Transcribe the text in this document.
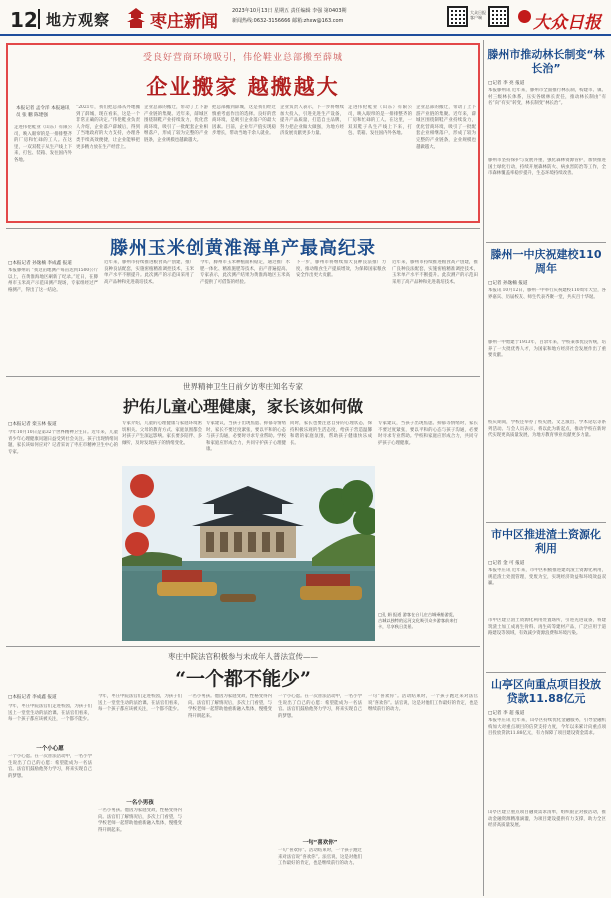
12 地方观察 枣庄新闻
2023年10月13日 星期五 责任编辑 李强 第0403期
新闻热线:0632-3156666 邮箱:zhxw@163.com
大众日报客户端	大众日报
受良好营商环境吸引，伟伦鞋业总部搬至薛城
企业搬家 越搬越大
本报记者 孟令洋 本报通讯员 张 鹏 陈建强
走进伟伦鞋业（山东）有限公司，映入眼帘的是一排排整齐的厂房和忙碌的工人。在这里，一双双鞋子从生产线上下来，打包、装箱、发往国内外各地。
“2021年，我们把总部从外地搬到了薛城，现在看来，这是一个非常正确的决定。”伟伦鞋业负责人介绍，企业落户薛城后，得到了当地政府的大力支持，办理各类手续高效便捷，让企业能够把更多精力放在生产经营上。
企业总部的搬迁，带动了上下游产业链的集聚。近年来，薛城区围绕制鞋产业持续发力，优化营商环境，吸引了一批配套企业相继落户，形成了较为完整的产业链条，企业规模也越做越大。
把总部搬到薛城，这是我们经过慎重考虑作出的选择。良好的营商环境，是吸引企业落户的最大因素。目前，企业年产值实现稳步增长，带动当地千余人就业。
企业负责人表示，下一步将继续加大投入，引进先进生产设备，提升产品质量，打造自主品牌，努力把企业做大做强，为地方经济发展贡献更多力量。
走进伟伦鞋业（山东）有限公司，映入眼帘的是一排排整齐的厂房和忙碌的工人。在这里，一双双鞋子从生产线上下来，打包、装箱、发往国内外各地。
企业总部的搬迁，带动了上下游产业链的集聚。近年来，薛城区围绕制鞋产业持续发力，优化营商环境，吸引了一批配套企业相继落户，形成了较为完整的产业链条，企业规模也越做越大。
滕州玉米创黄淮海单产最高纪录
□本报记者 孙逸楠 李成鑫 报道
本报滕州讯 “我这亩地测产每亩达到1500公斤以上，在黄淮海地区刷新了纪录。”近日，在滕州市玉米高产示范田测产现场，专家组经过严格测产，得出了这一结论。
近年来，滕州市持续推进粮食高产创建，推广良种良法配套，实施密植精准调控技术，玉米单产水平不断提升。此次测产的示范田采用了高产品种和先进栽培技术。
今年，滕州市玉米种植面积稳定，通过推广水肥一体化、精准施肥等技术，亩产普遍提高。专家表示，此次测产结果为黄淮海地区玉米高产提供了可借鉴的经验。
下一步，滕州市将继续加大良种良法推广力度，推动粮食生产提质增效，为保障国家粮食安全作出更大贡献。
近年来，滕州市持续推进粮食高产创建，推广良种良法配套，实施密植精准调控技术，玉米单产水平不断提升。此次测产的示范田采用了高产品种和先进栽培技术。
世界精神卫生日前夕访枣庄知名专家
护佑儿童心理健康，家长该如何做
□本报记者 栾玉林 报道
今年10月10日是第32个世界精神卫生日。近年来，儿童青少年心理健康问题日益受到社会关注。孩子出现情绪问题，家长该如何应对？记者采访了枣庄市精神卫生中心的专家。
专家介绍，儿童的心理健康与家庭环境密切相关。父母的教育方式、家庭氛围都会对孩子产生深远影响。家长要多陪伴、多倾听，及时发现孩子的情绪变化。
专家建议，当孩子出现焦虑、抑郁等情绪时，家长不要过度紧张，要以平和的心态与孩子沟通，必要时寻求专业帮助。学校和家庭应形成合力，共同守护孩子心理健康。
同时，家长也要注意自身的心理状态，保持积极乐观的生活态度，给孩子营造温馨和谐的家庭氛围，帮助孩子健康快乐成长。
专家建议，当孩子出现焦虑、抑郁等情绪时，家长不要过度紧张，要以平和的心态与孩子沟通，必要时寻求专业帮助。学校和家庭应形成合力，共同守护孩子心理健康。
□孔 娟 报道 游客在台儿庄古城乘船游览，古城以独特的运河文化吸引众多游客前来打卡，尽享秋日美景。
枣庄中院法官积极参与未成年人普法宣传——
“一个都不能少”
□本报记者 李成鑫 报道
今年，枣庄中院法官们走进校园，为孩子们送上一堂堂生动的法治课。在法官们看来，每一个孩子都应该被关注，一个都不能少。
一个小心愿
一个小心愿。在一次普法活动中，一名小学生说出了自己的心愿：希望能成为一名法官。法官们鼓励他努力学习，将来实现自己的梦想。
今年，枣庄中院法官们走进校园，为孩子们送上一堂堂生动的法治课。在法官们看来，每一个孩子都应该被关注，一个都不能少。
一名小男孩
一名小男孩。他因为家庭变故，性格变得内向。法官们了解情况后，多次上门看望，与学校老师一起帮助他重新融入集体，慢慢变得开朗起来。
一名小男孩。他因为家庭变故，性格变得内向。法官们了解情况后，多次上门看望，与学校老师一起帮助他重新融入集体，慢慢变得开朗起来。
一个小心愿。在一次普法活动中，一名小学生说出了自己的心愿：希望能成为一名法官。法官们鼓励他努力学习，将来实现自己的梦想。
一句“喜欢你”
一句“喜欢你”。活动结束时，一个孩子跑过来对法官说“喜欢你”。法官说，这是对他们工作最好的肯定，也是继续前行的动力。
一句“喜欢你”。活动结束时，一个孩子跑过来对法官说“喜欢你”。法官说，这是对他们工作最好的肯定，也是继续前行的动力。
滕州市推动林长制变“林长治”
□记者 李 亮 报道
本报滕州讯 近年来，滕州市全面推行林长制，构建市、镇、村三级林长体系，压实各级林长责任，推动林长制由“有名”向“有实”转变，林长制变“林长治”。
滕州市坚持保护与发展并重，强化森林资源管护，加快推进国土绿化行动，持续开展森林防火、病虫害防治等工作，全市森林覆盖率稳步提升，生态环境持续改善。
滕州一中庆祝建校110周年
□记者 孙逸楠 报道
本报讯 10月12日，滕州一中举行庆祝建校110周年大会，各界嘉宾、历届校友、师生代表齐聚一堂，共庆百十华诞。
滕州一中始建于1913年，百余年来，学校秉承优良传统，培养了一大批优秀人才，为国家和地方经济社会发展作出了重要贡献。
校庆期间，学校还举办了校史展、文艺演出、学术论坛等系列活动。与会人员表示，将以此为新起点，推动学校在新时代实现更高质量发展，为地方教育事业贡献更多力量。
市中区推进渣土资源化利用
□记者 金 可 报道
本报枣庄讯 近年来，市中区积极推进建筑渣土资源化利用，规范渣土处置管理，变废为宝，实现经济效益和环境效益双赢。
市中区建立渣土资源化利用处置场所，引进先进设备，将建筑渣土加工成再生骨料、再生砖等建材产品，广泛应用于道路建设等领域，有效减少资源浪费和环境污染。
山亭区向重点项目投放贷款11.88亿元
□记者 李 超 报道
本报枣庄讯 近年来，山亭区持续优化金融服务，引导金融机构加大对重点项目的信贷支持力度，今年以来累计向重点项目投放贷款11.88亿元，有力保障了项目建设资金需求。
山亭区建立重点项目融资需求清单，组织银企对接活动，推动金融资源精准滴灌，为项目建设提供有力支撑，助力全区经济高质量发展。
